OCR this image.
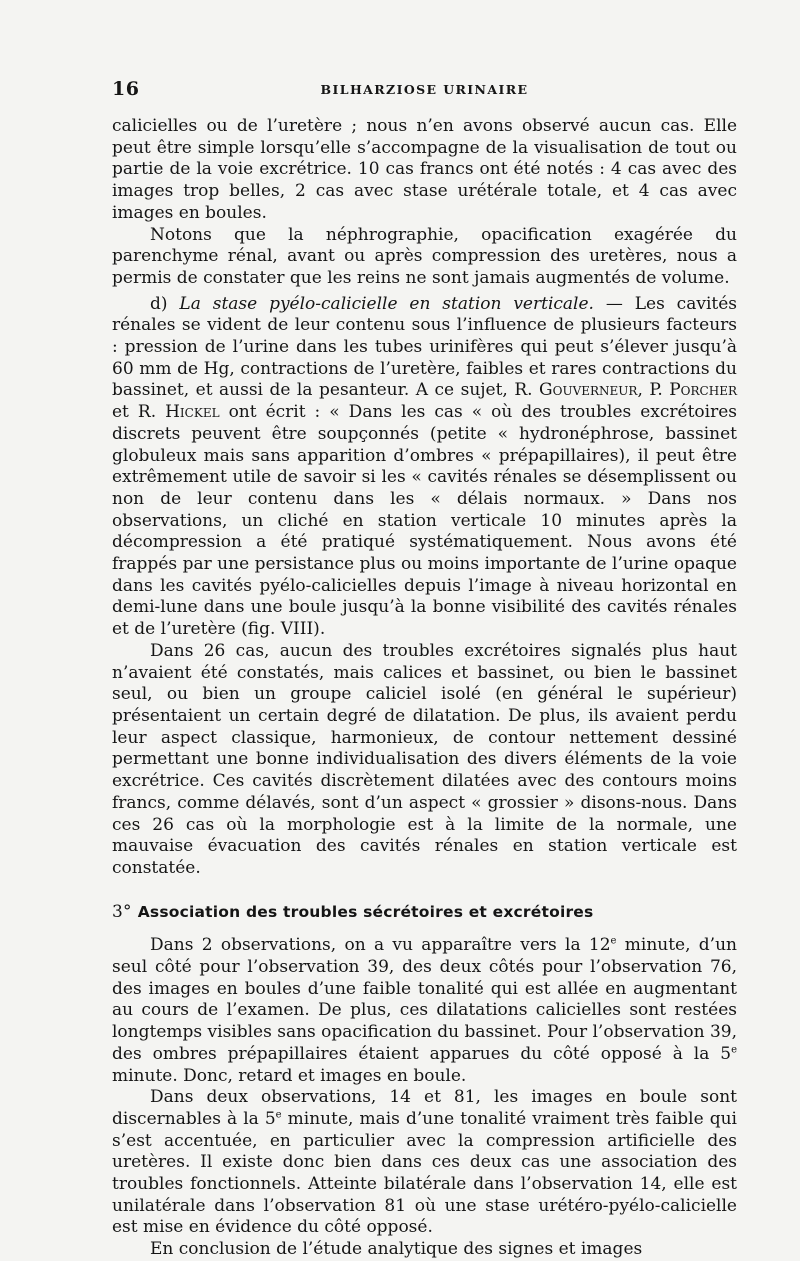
16	BILHARZIOSE URINAIRE

calicielles ou de l’uretère ; nous n’en avons observé aucun cas. Elle peut être simple lorsqu’elle s’accompagne de la visualisation de tout ou partie de la voie excrétrice. 10 cas francs ont été notés : 4 cas avec des images trop belles, 2 cas avec stase urétérale totale, et 4 cas avec images en boules.

Notons que la néphrographie, opacification exagérée du parenchyme rénal, avant ou après compression des uretères, nous a permis de constater que les reins ne sont jamais augmentés de volume.

d) La stase pyélo-calicielle en station verticale. — Les cavités rénales se vident de leur contenu sous l’influence de plusieurs facteurs : pression de l’urine dans les tubes urinifères qui peut s’élever jusqu’à 60 mm de Hg, contractions de l’uretère, faibles et rares contractions du bassinet, et aussi de la pesanteur. A ce sujet, R. Gouverneur, P. Porcher et R. Hickel ont écrit : « Dans les cas « où des troubles excrétoires discrets peuvent être soupçonnés (petite « hydronéphrose, bassinet globuleux mais sans apparition d’ombres « prépapillaires), il peut être extrêmement utile de savoir si les « cavités rénales se désemplissent ou non de leur contenu dans les « délais normaux. » Dans nos observations, un cliché en station verticale 10 minutes après la décompression a été pratiqué systématiquement. Nous avons été frappés par une persistance plus ou moins importante de l’urine opaque dans les cavités pyélo-calicielles depuis l’image à niveau horizontal en demi-lune dans une boule jusqu’à la bonne visibilité des cavités rénales et de l’uretère (fig. VIII).

Dans 26 cas, aucun des troubles excrétoires signalés plus haut n’avaient été constatés, mais calices et bassinet, ou bien le bassinet seul, ou bien un groupe caliciel isolé (en général le supérieur) présentaient un certain degré de dilatation. De plus, ils avaient perdu leur aspect classique, harmonieux, de contour nettement dessiné permettant une bonne individualisation des divers éléments de la voie excrétrice. Ces cavités discrètement dilatées avec des contours moins francs, comme délavés, sont d’un aspect « grossier » disons-nous. Dans ces 26 cas où la morphologie est à la limite de la normale, une mauvaise évacuation des cavités rénales en station verticale est constatée.

3° Association des troubles sécrétoires et excrétoires

Dans 2 observations, on a vu apparaître vers la 12e minute, d’un seul côté pour l’observation 39, des deux côtés pour l’observation 76, des images en boules d’une faible tonalité qui est allée en augmentant au cours de l’examen. De plus, ces dilatations calicielles sont restées longtemps visibles sans opacification du bassinet. Pour l’observation 39, des ombres prépapillaires étaient apparues du côté opposé à la 5e minute. Donc, retard et images en boule.

Dans deux observations, 14 et 81, les images en boule sont discernables à la 5e minute, mais d’une tonalité vraiment très faible qui s’est accentuée, en particulier avec la compression artificielle des uretères. Il existe donc bien dans ces deux cas une association des troubles fonctionnels. Atteinte bilatérale dans l’observation 14, elle est unilatérale dans l’observation 81 où une stase urétéro-pyélo-calicielle est mise en évidence du côté opposé.

En conclusion de l’étude analytique des signes et images
